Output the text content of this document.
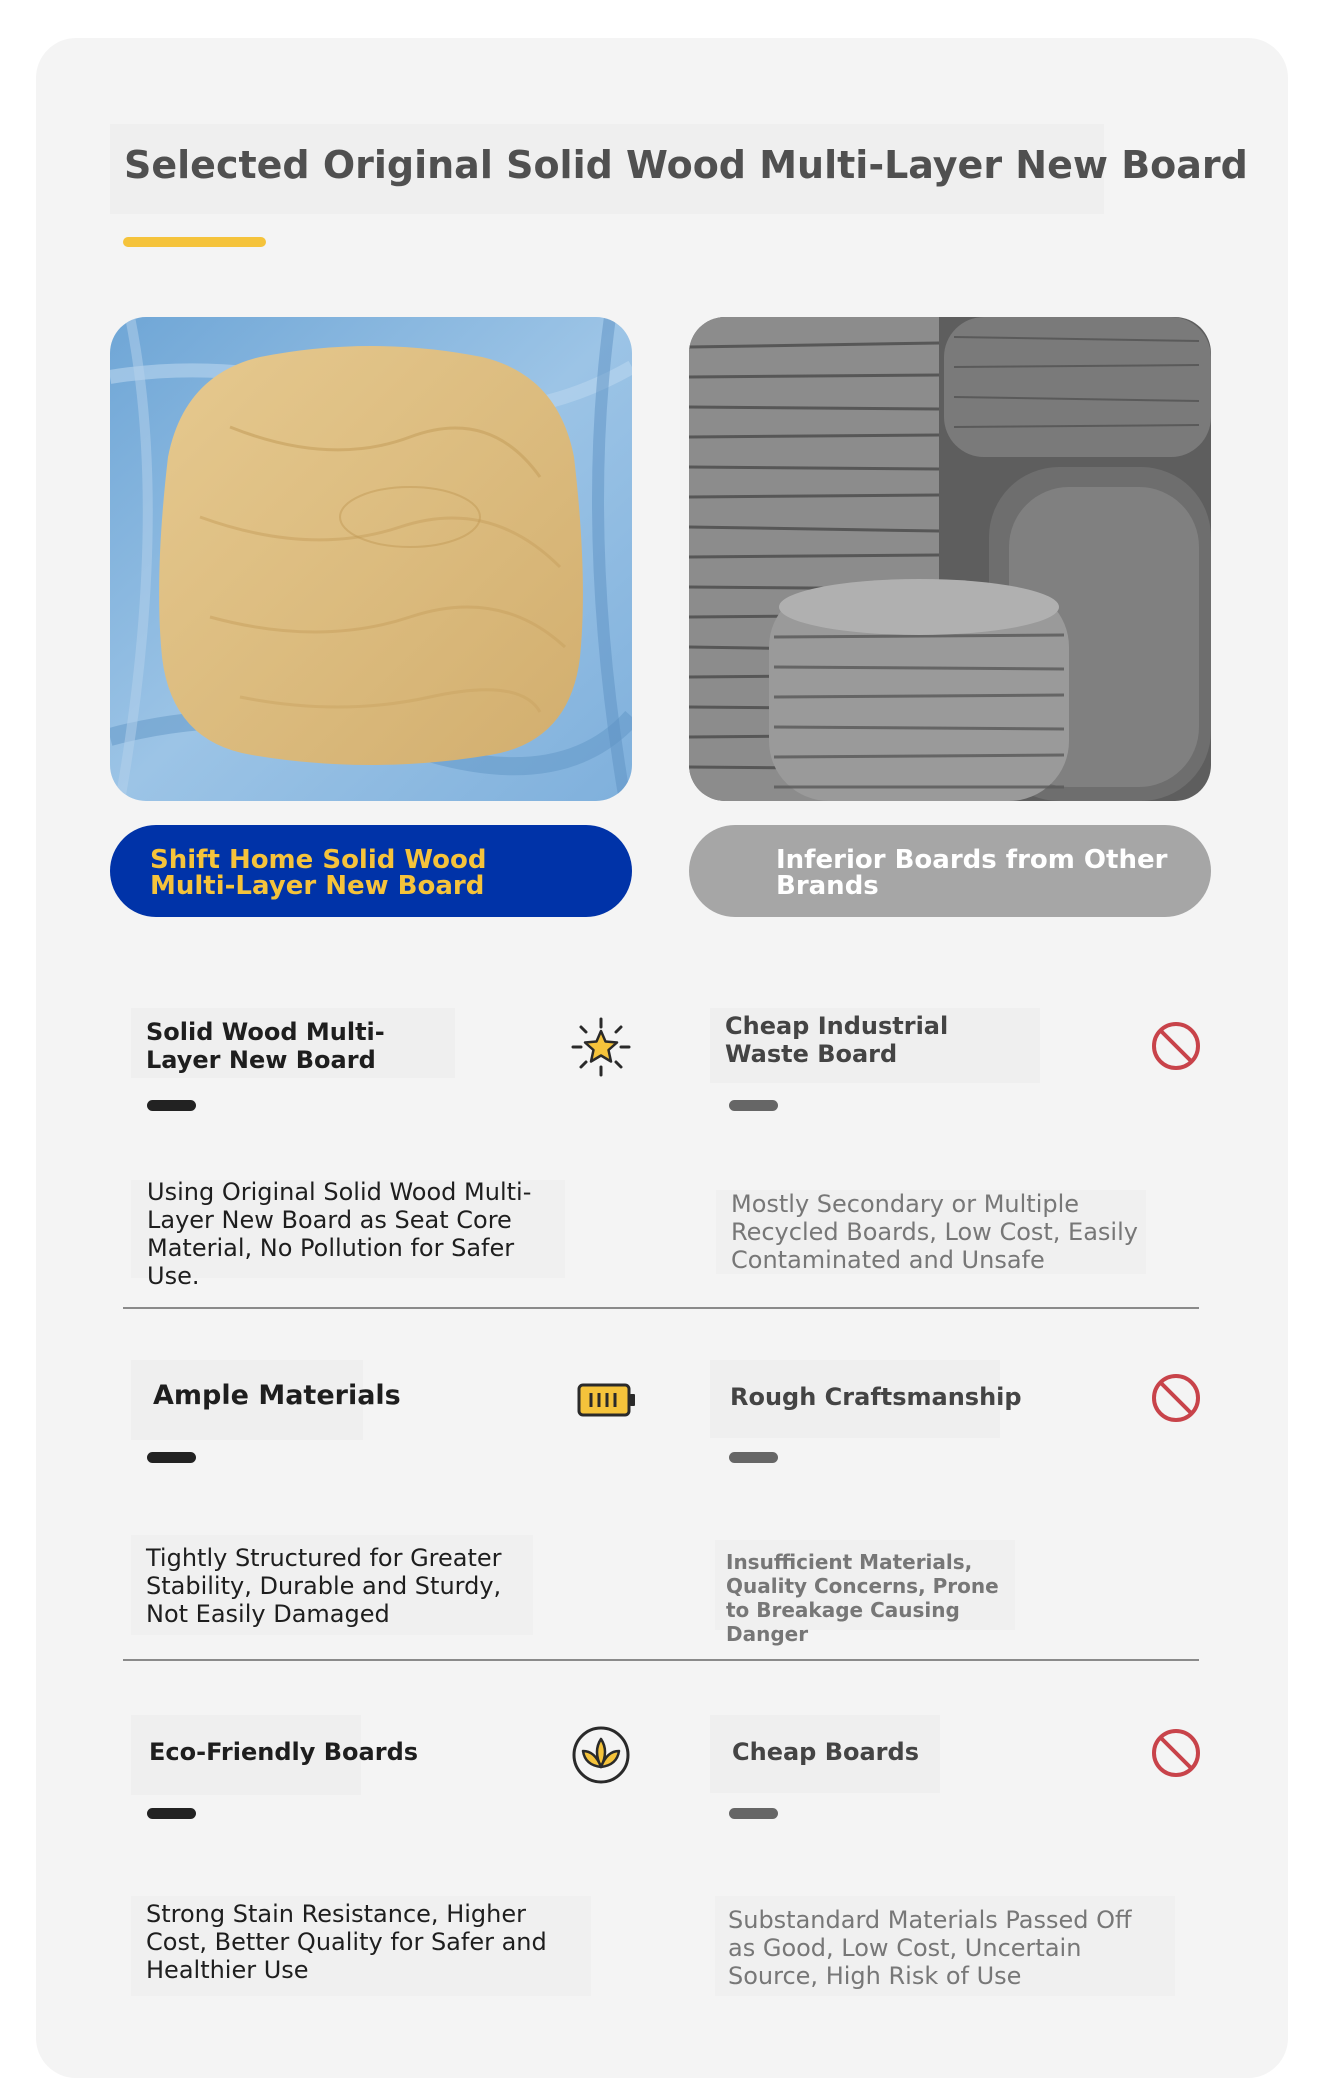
Selected Original Solid Wood Multi-Layer New Board
Shift Home Solid Wood Multi-Layer New Board
Inferior Boards from Other Brands
Solid Wood Multi-Layer New Board
Using Original Solid Wood Multi-Layer New Board as Seat Core Material, No Pollution for Safer Use.
Cheap Industrial Waste Board
Mostly Secondary or Multiple Recycled Boards, Low Cost, Easily Contaminated and Unsafe
Ample Materials
Tightly Structured for Greater Stability, Durable and Sturdy, Not Easily Damaged
Rough Craftsmanship
Insufficient Materials, Quality Concerns, Prone to Breakage Causing Danger
Eco-Friendly Boards
Strong Stain Resistance, Higher Cost, Better Quality for Safer and Healthier Use
Cheap Boards
Substandard Materials Passed Off as Good, Low Cost, Uncertain Source, High Risk of Use
